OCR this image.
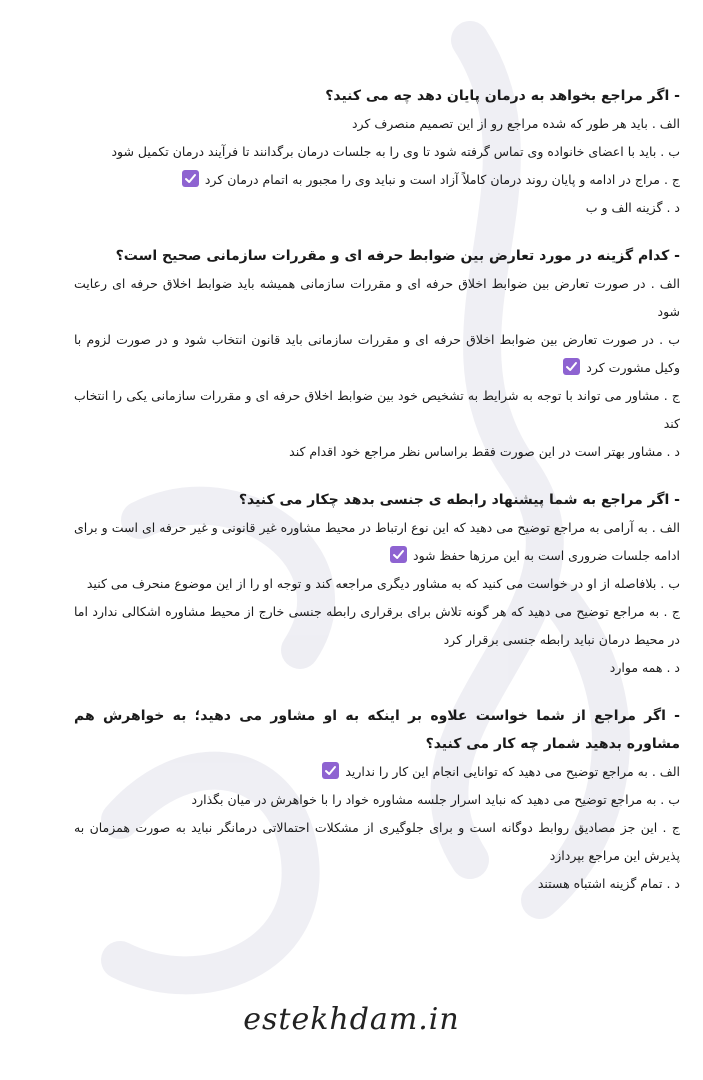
- اگر مراجع بخواهد به درمان پایان دهد چه می کنید؟

الف . باید هر طور که شده مراجع رو از این تصمیم منصرف کرد

ب . باید با اعضای خانواده وی تماس گرفته شود تا وی را به جلسات درمان برگدانند تا فرآیند درمان تکمیل شود

ج . مراج در ادامه و پایان روند درمان کاملاً آزاد است و نباید وی را مجبور به اتمام درمان کرد

د . گزینه الف و ب

- کدام گزینه در مورد تعارض بین ضوابط حرفه ای و مقررات سازمانی صحیح است؟

الف . در صورت تعارض بین ضوابط اخلاق حرفه ای و مقررات سازمانی همیشه باید ضوابط اخلاق حرفه ای رعایت شود

ب . در صورت تعارض بین ضوابط اخلاق حرفه ای و مقررات سازمانی باید قانون انتخاب شود و در صورت لزوم با وکیل مشورت کرد

ج . مشاور می تواند با توجه به شرایط به تشخیص خود بین ضوابط اخلاق حرفه ای و مقررات سازمانی یکی را انتخاب کند

د . مشاور بهتر است در این صورت فقط براساس نظر مراجع خود اقدام کند

- اگر مراجع به شما پیشنهاد رابطه ی جنسی بدهد چکار می کنید؟

الف . به آرامی به مراجع توضیح می دهید که این نوع ارتباط در محیط مشاوره غیر قانونی و غیر حرفه ای است و برای ادامه جلسات ضروری است به این مرزها حفظ شود

ب . بلافاصله از او در خواست می کنید که به مشاور دیگری مراجعه کند و توجه او را از این موضوع منحرف می کنید

ج . به مراجع توضیح می دهید که هر گونه تلاش برای برقراری رابطه جنسی خارج از محیط مشاوره اشکالی ندارد اما در محیط درمان نباید رابطه جنسی برقرار کرد

د . همه موارد

- اگر مراجع از شما خواست علاوه بر اینکه به او مشاور می دهید؛ به خواهرش هم مشاوره بدهید شمار چه کار می کنید؟

الف . به مراجع توضیح می دهید که توانایی انجام این کار را ندارید

ب . به مراجع توضیح می دهید که نباید اسرار جلسه مشاوره خواد را با خواهرش در میان بگذارد

ج . این جز مصادیق روابط دوگانه است و برای جلوگیری از مشکلات احتمالاتی درمانگر نباید به صورت همزمان به پذیرش این مراجع بپردازد

د . تمام گزینه اشتباه هستند

estekhdam.in
